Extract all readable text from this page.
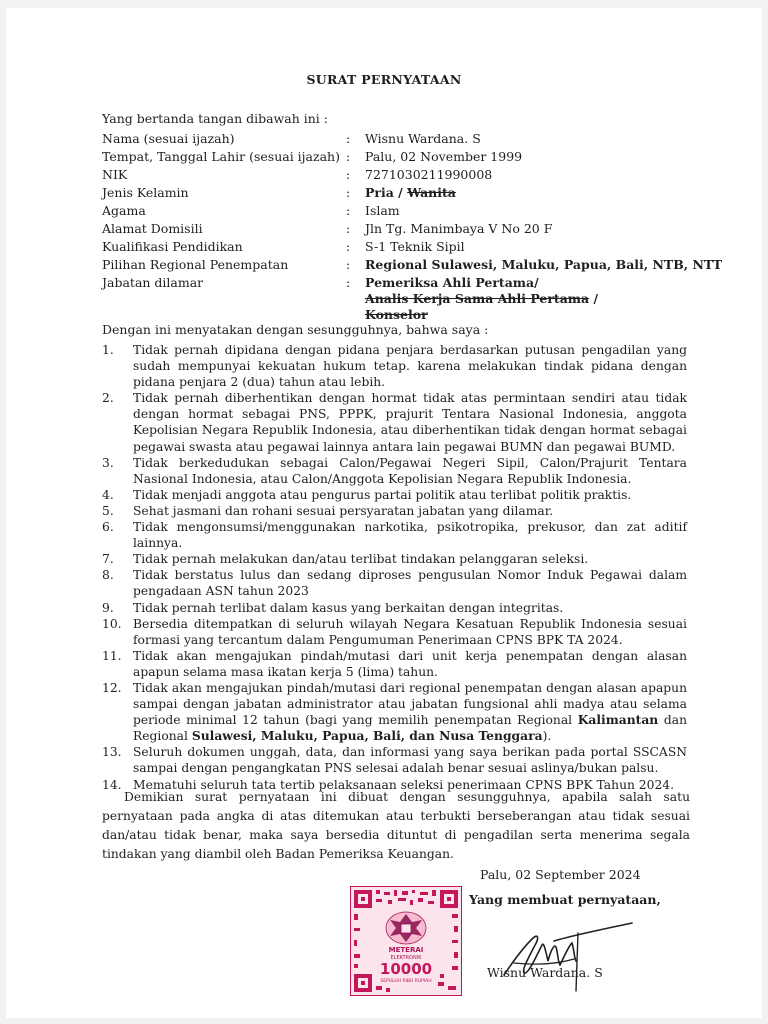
SURAT PERNYATAAN
Yang bertanda tangan dibawah ini :
Nama (sesuai ijazah)	: Wisnu Wardana. S
Tempat, Tanggal Lahir (sesuai ijazah) : Palu, 02 November 1999
NIK	: 7271030211990008
Jenis Kelamin	: Pria / Wanita
Agama	: Islam
Alamat Domisili	: Jln Tg. Manimbaya V No 20 F
Kualifikasi Pendidikan	: S-1 Teknik Sipil
Pilihan Regional Penempatan	: Regional Sulawesi, Maluku, Papua, Bali, NTB, NTT
Jabatan dilamar	: Pemeriksa Ahli Pertama/
Analis Kerja Sama Ahli Pertama /
Konselor
Dengan ini menyatakan dengan sesungguhnya, bahwa saya :
1. Tidak pernah dipidana dengan pidana penjara berdasarkan putusan pengadilan yang sudah mempunyai kekuatan hukum tetap. karena melakukan tindak pidana dengan pidana penjara 2 (dua) tahun atau lebih.
2. Tidak pernah diberhentikan dengan hormat tidak atas permintaan sendiri atau tidak dengan hormat sebagai PNS, PPPK, prajurit Tentara Nasional Indonesia, anggota Kepolisian Negara Republik Indonesia, atau diberhentikan tidak dengan hormat sebagai pegawai swasta atau pegawai lainnya antara lain pegawai BUMN dan pegawai BUMD.
3. Tidak berkedudukan sebagai Calon/Pegawai Negeri Sipil, Calon/Prajurit Tentara Nasional Indonesia, atau Calon/Anggota Kepolisian Negara Republik Indonesia.
4. Tidak menjadi anggota atau pengurus partai politik atau terlibat politik praktis.
5. Sehat jasmani dan rohani sesuai persyaratan jabatan yang dilamar.
6. Tidak mengonsumsi/menggunakan narkotika, psikotropika, prekusor, dan zat aditif lainnya.
7. Tidak pernah melakukan dan/atau terlibat tindakan pelanggaran seleksi.
8. Tidak berstatus lulus dan sedang diproses pengusulan Nomor Induk Pegawai dalam pengadaan ASN tahun 2023
9. Tidak pernah terlibat dalam kasus yang berkaitan dengan integritas.
10. Bersedia ditempatkan di seluruh wilayah Negara Kesatuan Republik Indonesia sesuai formasi yang tercantum dalam Pengumuman Penerimaan CPNS BPK TA 2024.
11. Tidak akan mengajukan pindah/mutasi dari unit kerja penempatan dengan alasan apapun selama masa ikatan kerja 5 (lima) tahun.
12. Tidak akan mengajukan pindah/mutasi dari regional penempatan dengan alasan apapun sampai dengan jabatan administrator atau jabatan fungsional ahli madya atau selama periode minimal 12 tahun (bagi yang memilih penempatan Regional Kalimantan dan Regional Sulawesi, Maluku, Papua, Bali, dan Nusa Tenggara).
13. Seluruh dokumen unggah, data, dan informasi yang saya berikan pada portal SSCASN sampai dengan pengangkatan PNS selesai adalah benar sesuai aslinya/bukan palsu.
14. Mematuhi seluruh tata tertib pelaksanaan seleksi penerimaan CPNS BPK Tahun 2024.
Demikian surat pernyataan ini dibuat dengan sesungguhnya, apabila salah satu pernyataan pada angka di atas ditemukan atau terbukti berseberangan atau tidak sesuai dan/atau tidak benar, maka saya bersedia dituntut di pengadilan serta menerima segala tindakan yang diambil oleh Badan Pemeriksa Keuangan.
Palu, 02 September 2024
Yang membuat pernyataan,
METERAI
ELEKTRONIK
10000
SEPULUH RIBU RUPIAH
Wisnu Wardana. S
